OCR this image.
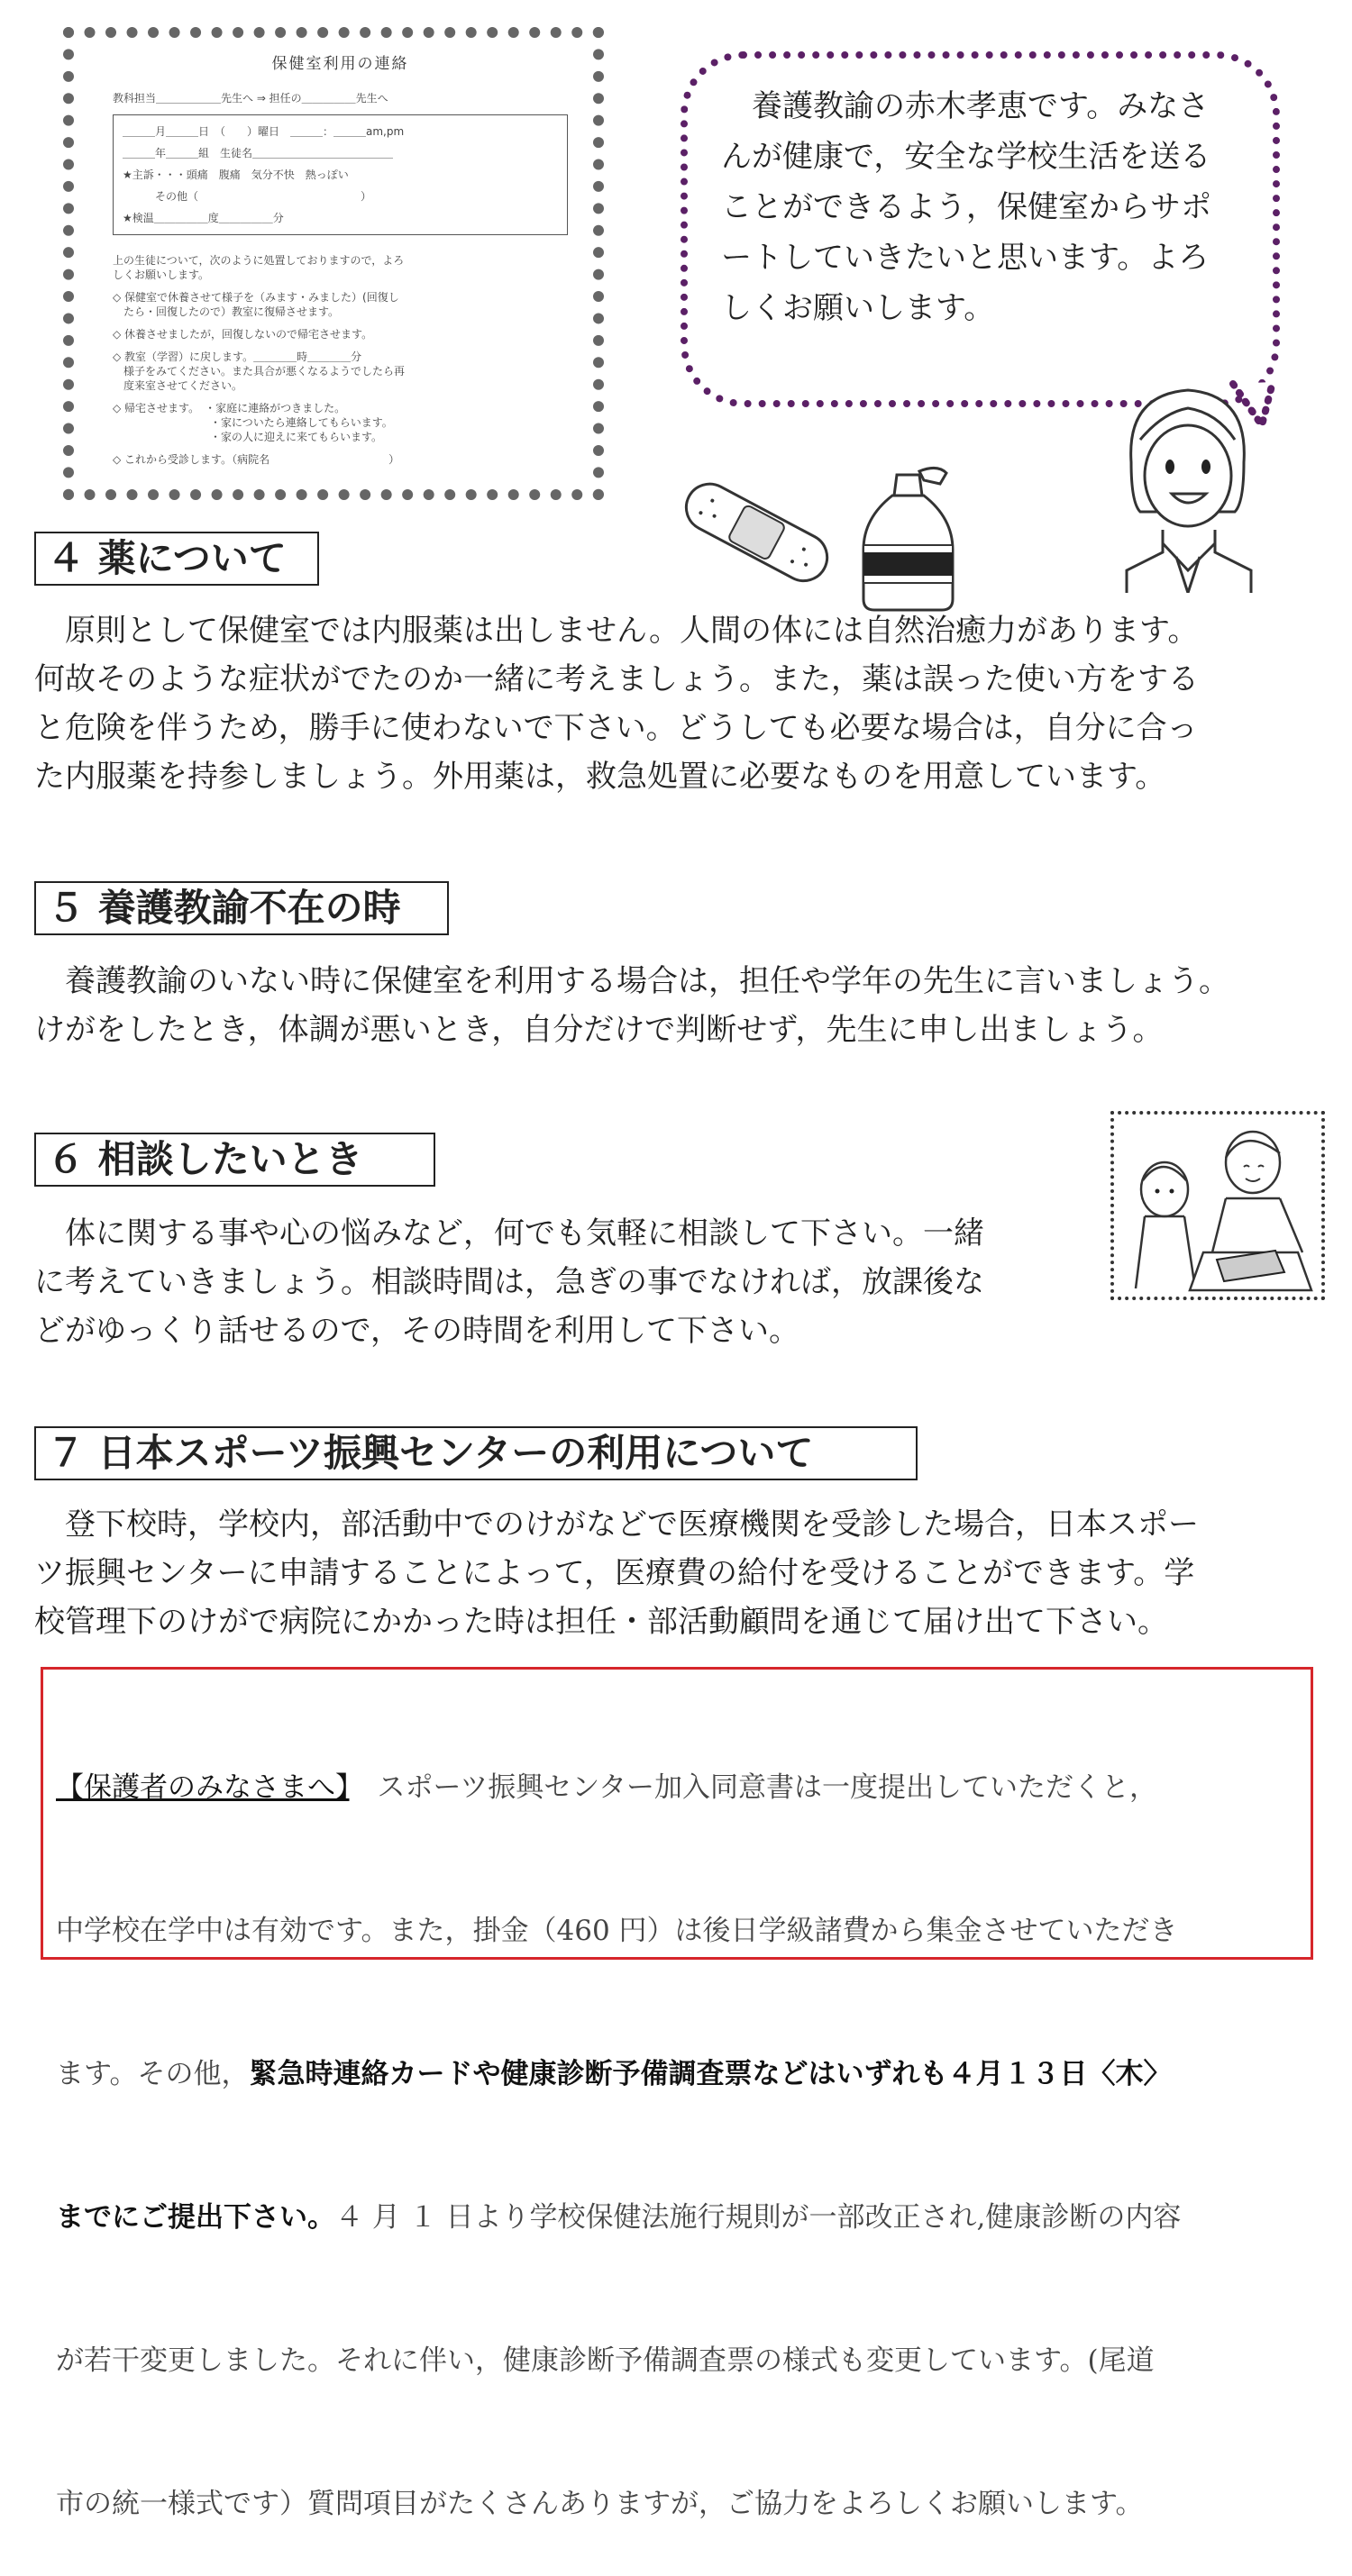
保健室利用の連絡
教科担当＿＿＿＿＿＿先生へ ⇒ 担任の＿＿＿＿＿先生へ
＿＿＿月＿＿＿日　（　　）曜日　＿＿＿：＿＿＿am,pm
＿＿＿年＿＿＿組　生徒名＿＿＿＿＿＿＿＿＿＿＿＿＿
★主訴・・・頭痛　腹痛　気分不快　熱っぽい
　　　その他（　　　　　　　　　　　　　　　）
★検温＿＿＿＿＿度＿＿＿＿＿分
上の生徒について，次のように処置しておりますので，よろ
しくお願いします。
◇ 保健室で休養させて様子を（みます・みました）(回復し
　たら・回復したので）教室に復帰させます。
◇ 休養させましたが，回復しないので帰宅させます。
◇ 教室（学習）に戻します。＿＿＿＿時＿＿＿＿分
　様子をみてください。また具合が悪くなるようでしたら再
　度来室させてください。
◇ 帰宅させます。　・家庭に連絡がつきました。
　　　　　　　　　・家についたら連絡してもらいます。
　　　　　　　　　・家の人に迎えに来てもらいます。
◇ これから受診します。（病院名　　　　　　　　　　　）
　養護教諭の赤木孝恵です。みなさ
んが健康で，安全な学校生活を送る
ことができるよう，保健室からサポ
ートしていきたいと思います。よろ
しくお願いします。
４ 薬について
　原則として保健室では内服薬は出しません。人間の体には自然治癒力があります。
何故そのような症状がでたのか一緒に考えましょう。また，薬は誤った使い方をする
と危険を伴うため，勝手に使わないで下さい。どうしても必要な場合は，自分に合っ
た内服薬を持参しましょう。外用薬は，救急処置に必要なものを用意しています。
５ 養護教諭不在の時
　養護教諭のいない時に保健室を利用する場合は，担任や学年の先生に言いましょう。
けがをしたとき，体調が悪いとき，自分だけで判断せず，先生に申し出ましょう。
６ 相談したいとき
　体に関する事や心の悩みなど，何でも気軽に相談して下さい。一緒
に考えていきましょう。相談時間は，急ぎの事でなければ，放課後な
どがゆっくり話せるので，その時間を利用して下さい。
７ 日本スポーツ振興センターの利用について
　登下校時，学校内，部活動中でのけがなどで医療機関を受診した場合，日本スポー
ツ振興センターに申請することによって，医療費の給付を受けることができます。学
校管理下のけがで病院にかかった時は担任・部活動顧問を通じて届け出て下さい。

【保護者のみなさまへ】　スポーツ振興センター加入同意書は一度提出していただくと，

中学校在学中は有効です。また，掛金（460 円）は後日学級諸費から集金させていただき

ます。その他，緊急時連絡カードや健康診断予備調査票などはいずれも４月１３日〈木〉

までにご提出下さい。４ 月 １ 日より学校保健法施行規則が一部改正され,健康診断の内容

が若干変更しました。それに伴い，健康診断予備調査票の様式も変更しています。(尾道

市の統一様式です）質問項目がたくさんありますが，ご協力をよろしくお願いします。
